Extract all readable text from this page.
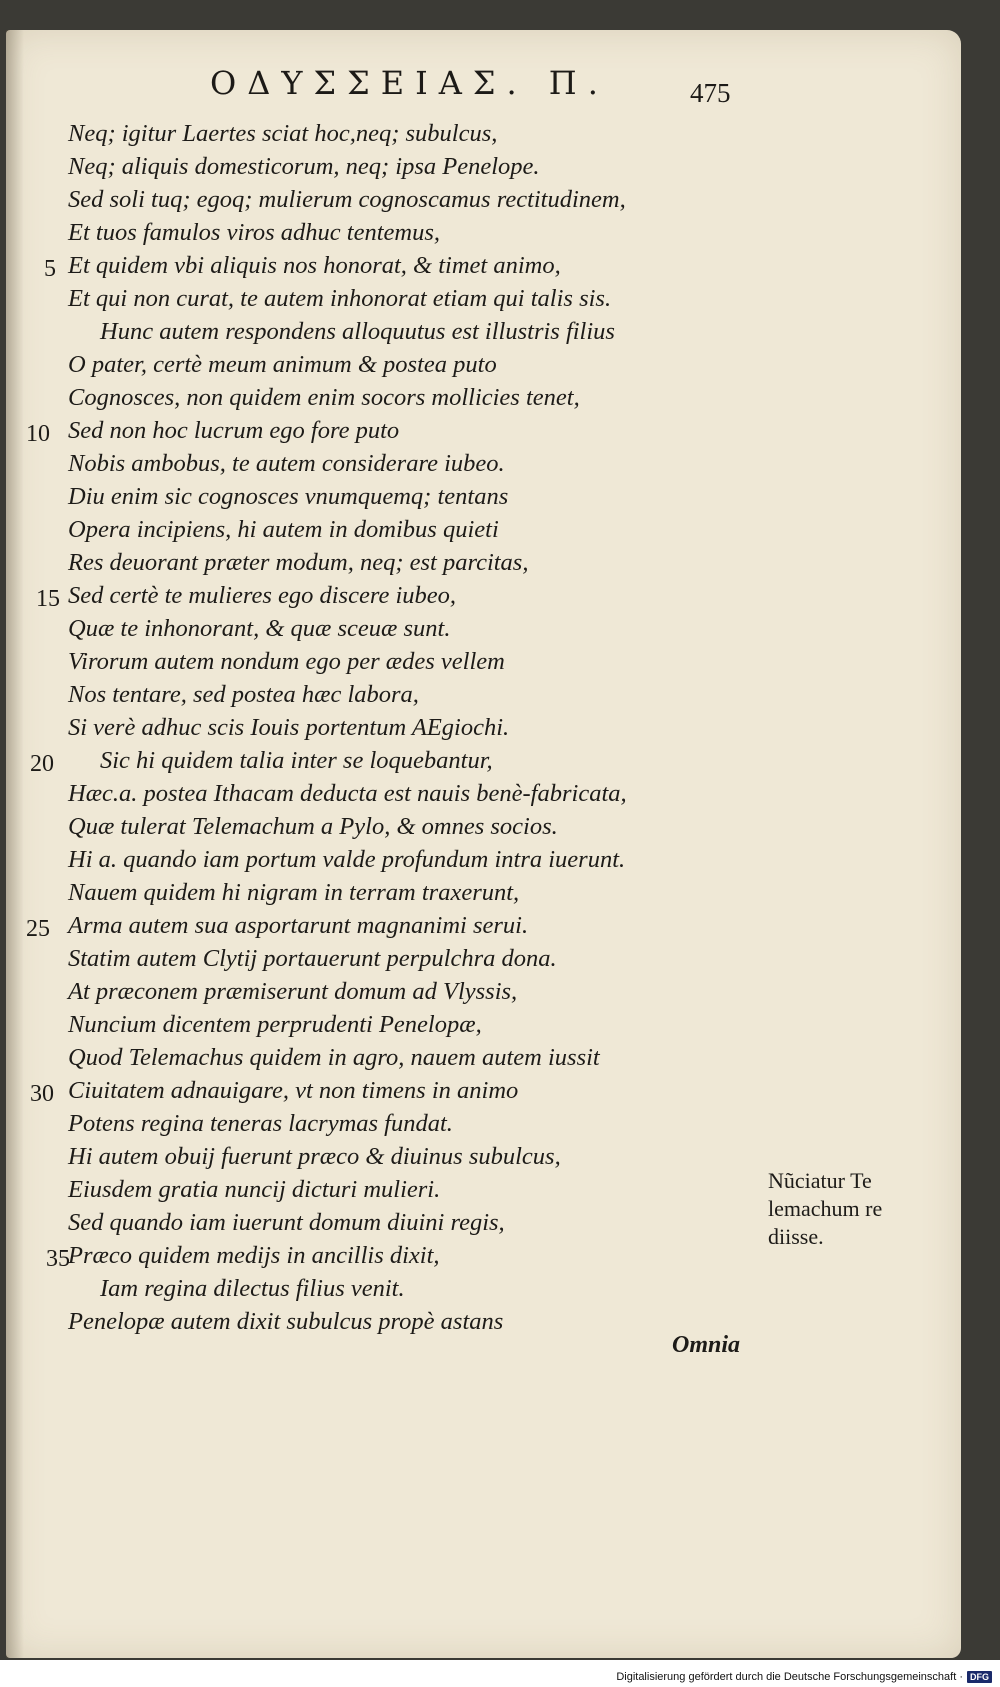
ΟΔΥΣΣΕΙΑΣ. Π.	475
Neq; igitur Laertes sciat hoc,neq; subulcus,
Neq; aliquis domesticorum, neq; ipsa Penelope.
Sed soli tuq; egoq; mulierum cognoscamus rectitudinem,
Et tuos famulos viros adhuc tentemus,
Et quidem vbi aliquis nos honorat, & timet animo,
Et qui non curat, te autem inhonorat etiam qui talis sis.
Hunc autem respondens alloquutus est illustris filius
O pater, certè meum animum & postea puto
Cognosces, non quidem enim socors mollicies tenet,
Sed non hoc lucrum ego fore puto
Nobis ambobus, te autem considerare iubeo.
Diu enim sic cognosces vnumquemq; tentans
Opera incipiens, hi autem in domibus quieti
Res deuorant præter modum, neq; est parcitas,
Sed certè te mulieres ego discere iubeo,
Quæ te inhonorant, & quæ sceuæ sunt.
Virorum autem nondum ego per ædes vellem
Nos tentare, sed postea hæc labora,
Si verè adhuc scis Iouis portentum AEgiochi.
Sic hi quidem talia inter se loquebantur,
Hæc.a. postea Ithacam deducta est nauis benè-fabricata,
Quæ tulerat Telemachum a Pylo, & omnes socios.
Hi a. quando iam portum valde profundum intra iuerunt.
Nauem quidem hi nigram in terram traxerunt,
Arma autem sua asportarunt magnanimi serui.
Statim autem Clytij portauerunt perpulchra dona.
At præconem præmiserunt domum ad Vlyssis,
Nuncium dicentem perprudenti Penelopæ,
Quod Telemachus quidem in agro, nauem autem iussit
Ciuitatem adnauigare, vt non timens in animo
Potens regina teneras lacrymas fundat.
Hi autem obuij fuerunt præco & diuinus subulcus,
Eiusdem gratia nuncij dicturi mulieri.
Sed quando iam iuerunt domum diuini regis,
Præco quidem medijs in ancillis dixit,
Iam regina dilectus filius venit.
Penelopæ autem dixit subulcus propè astans
5
10
15
20
25
30
35
Nũciatur Te
lemachum re
diisse.
Omnia
Digitalisierung gefördert durch die Deutsche Forschungsgemeinschaft · DFG
